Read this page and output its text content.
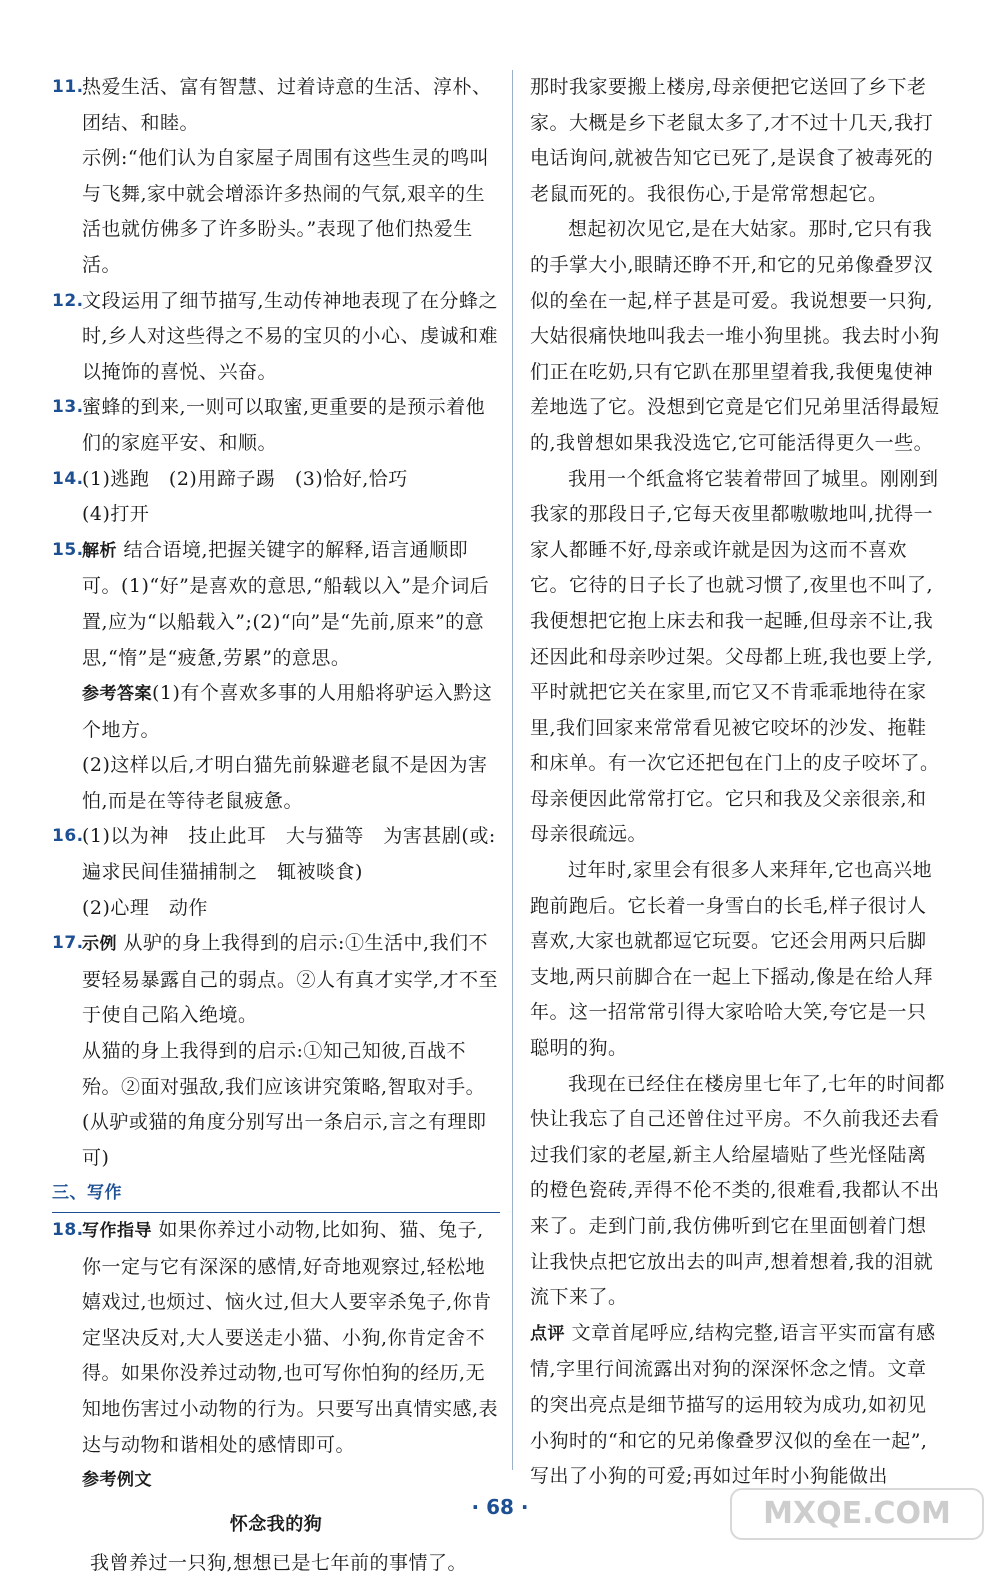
11.

热爱生活、富有智慧、过着诗意的生活、淳朴、团结、和睦。

示例:“他们认为自家屋子周围有这些生灵的鸣叫与飞舞,家中就会增添许多热闹的气氛,艰辛的生活也就仿佛多了许多盼头。”表现了他们热爱生活。

12.

文段运用了细节描写,生动传神地表现了在分蜂之时,乡人对这些得之不易的宝贝的小心、虔诚和难以掩饰的喜悦、兴奋。

13.

蜜蜂的到来,一则可以取蜜,更重要的是预示着他们的家庭平安、和顺。

14.

(1)逃跑　(2)用蹄子踢　(3)恰好,恰巧

(4)打开

15.

解析 结合语境,把握关键字的解释,语言通顺即可。(1)“好”是喜欢的意思,“船载以入”是介词后置,应为“以船载入”;(2)“向”是“先前,原来”的意思,“惰”是“疲惫,劳累”的意思。

参考答案(1)有个喜欢多事的人用船将驴运入黔这个地方。

(2)这样以后,才明白猫先前躲避老鼠不是因为害怕,而是在等待老鼠疲惫。

16.

(1)以为神　技止此耳　大与猫等　为害甚剧(或:遍求民间佳猫捕制之　辄被啖食)

(2)心理　动作

17.

示例 从驴的身上我得到的启示:①生活中,我们不要轻易暴露自己的弱点。②人有真才实学,才不至于使自己陷入绝境。

从猫的身上我得到的启示:①知己知彼,百战不殆。②面对强敌,我们应该讲究策略,智取对手。(从驴或猫的角度分别写出一条启示,言之有理即可)

三、写作
18.

写作指导 如果你养过小动物,比如狗、猫、兔子,你一定与它有深深的感情,好奇地观察过,轻松地嬉戏过,也烦过、恼火过,但大人要宰杀兔子,你肯定坚决反对,大人要送走小猫、小狗,你肯定舍不得。如果你没养过动物,也可写你怕狗的经历,无知地伤害过小动物的行为。只要写出真情实感,表达与动物和谐相处的感情即可。

参考例文

怀念我的狗

我曾养过一只狗,想想已是七年前的事情了。

那时我家要搬上楼房,母亲便把它送回了乡下老家。大概是乡下老鼠太多了,才不过十几天,我打电话询问,就被告知它已死了,是误食了被毒死的老鼠而死的。我很伤心,于是常常想起它。

想起初次见它,是在大姑家。那时,它只有我的手掌大小,眼睛还睁不开,和它的兄弟像叠罗汉似的垒在一起,样子甚是可爱。我说想要一只狗,大姑很痛快地叫我去一堆小狗里挑。我去时小狗们正在吃奶,只有它趴在那里望着我,我便鬼使神差地选了它。没想到它竟是它们兄弟里活得最短的,我曾想如果我没选它,它可能活得更久一些。

我用一个纸盒将它装着带回了城里。刚刚到我家的那段日子,它每天夜里都嗷嗷地叫,扰得一家人都睡不好,母亲或许就是因为这而不喜欢它。它待的日子长了也就习惯了,夜里也不叫了,我便想把它抱上床去和我一起睡,但母亲不让,我还因此和母亲吵过架。父母都上班,我也要上学,平时就把它关在家里,而它又不肯乖乖地待在家里,我们回家来常常看见被它咬坏的沙发、拖鞋和床单。有一次它还把包在门上的皮子咬坏了。母亲便因此常常打它。它只和我及父亲很亲,和母亲很疏远。

过年时,家里会有很多人来拜年,它也高兴地跑前跑后。它长着一身雪白的长毛,样子很讨人喜欢,大家也就都逗它玩耍。它还会用两只后脚支地,两只前脚合在一起上下摇动,像是在给人拜年。这一招常常引得大家哈哈大笑,夸它是一只聪明的狗。

我现在已经住在楼房里七年了,七年的时间都快让我忘了自己还曾住过平房。不久前我还去看过我们家的老屋,新主人给屋墙贴了些光怪陆离的橙色瓷砖,弄得不伦不类的,很难看,我都认不出来了。走到门前,我仿佛听到它在里面刨着门想让我快点把它放出去的叫声,想着想着,我的泪就流下来了。

点评 文章首尾呼应,结构完整,语言平实而富有感情,字里行间流露出对狗的深深怀念之情。文章的突出亮点是细节描写的运用较为成功,如初见小狗时的“和它的兄弟像叠罗汉似的垒在一起”,写出了小狗的可爱;再如过年时小狗能做出

· 68 ·	MXQE.COM
